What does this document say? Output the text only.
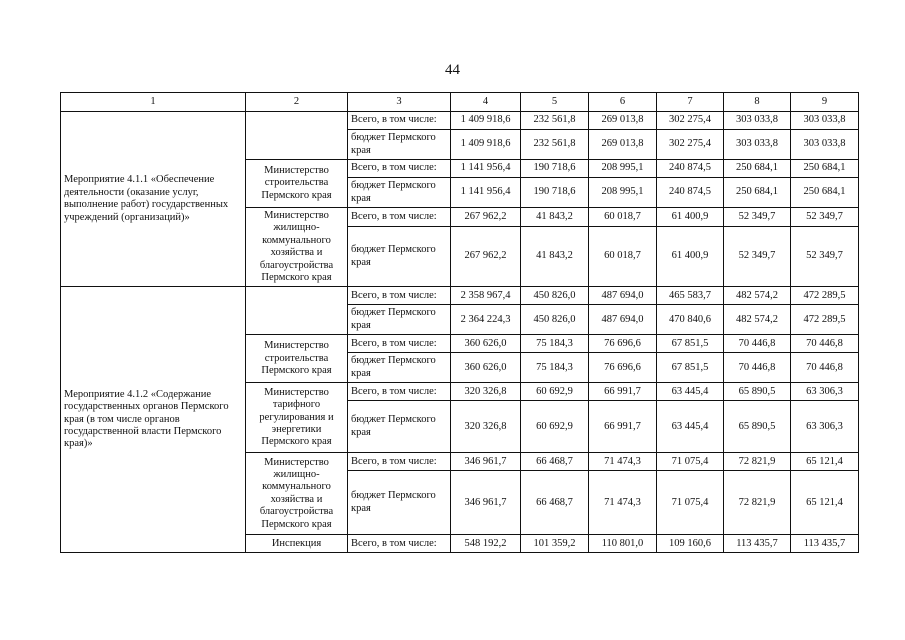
44
1	2	3	4	5	6	7	8	9
Мероприятие 4.1.1 «Обеспечение деятельности (оказание услуг, выполнение работ) государственных учреждений (организаций)»		Всего, в том числе:	1 409 918,6	232 561,8	269 013,8	302 275,4	303 033,8	303 033,8
		бюджет Пермского края	1 409 918,6	232 561,8	269 013,8	302 275,4	303 033,8	303 033,8
	Министерство строительства Пермского края	Всего, в том числе:	1 141 956,4	190 718,6	208 995,1	240 874,5	250 684,1	250 684,1
		бюджет Пермского края	1 141 956,4	190 718,6	208 995,1	240 874,5	250 684,1	250 684,1
	Министерство жилищно-коммунального хозяйства и благоустройства Пермского края	Всего, в том числе:	267 962,2	41 843,2	60 018,7	61 400,9	52 349,7	52 349,7
		бюджет Пермского края	267 962,2	41 843,2	60 018,7	61 400,9	52 349,7	52 349,7
Мероприятие 4.1.2 «Содержание государственных органов Пермского края (в том числе органов государственной власти Пермского края)»		Всего, в том числе:	2 358 967,4	450 826,0	487 694,0	465 583,7	482 574,2	472 289,5
		бюджет Пермского края	2 364 224,3	450 826,0	487 694,0	470 840,6	482 574,2	472 289,5
	Министерство строительства Пермского края	Всего, в том числе:	360 626,0	75 184,3	76 696,6	67 851,5	70 446,8	70 446,8
		бюджет Пермского края	360 626,0	75 184,3	76 696,6	67 851,5	70 446,8	70 446,8
	Министерство тарифного регулирования и энергетики Пермского края	Всего, в том числе:	320 326,8	60 692,9	66 991,7	63 445,4	65 890,5	63 306,3
		бюджет Пермского края	320 326,8	60 692,9	66 991,7	63 445,4	65 890,5	63 306,3
	Министерство жилищно-коммунального хозяйства и благоустройства Пермского края	Всего, в том числе:	346 961,7	66 468,7	71 474,3	71 075,4	72 821,9	65 121,4
		бюджет Пермского края	346 961,7	66 468,7	71 474,3	71 075,4	72 821,9	65 121,4
	Инспекция	Всего, в том числе:	548 192,2	101 359,2	110 801,0	109 160,6	113 435,7	113 435,7
